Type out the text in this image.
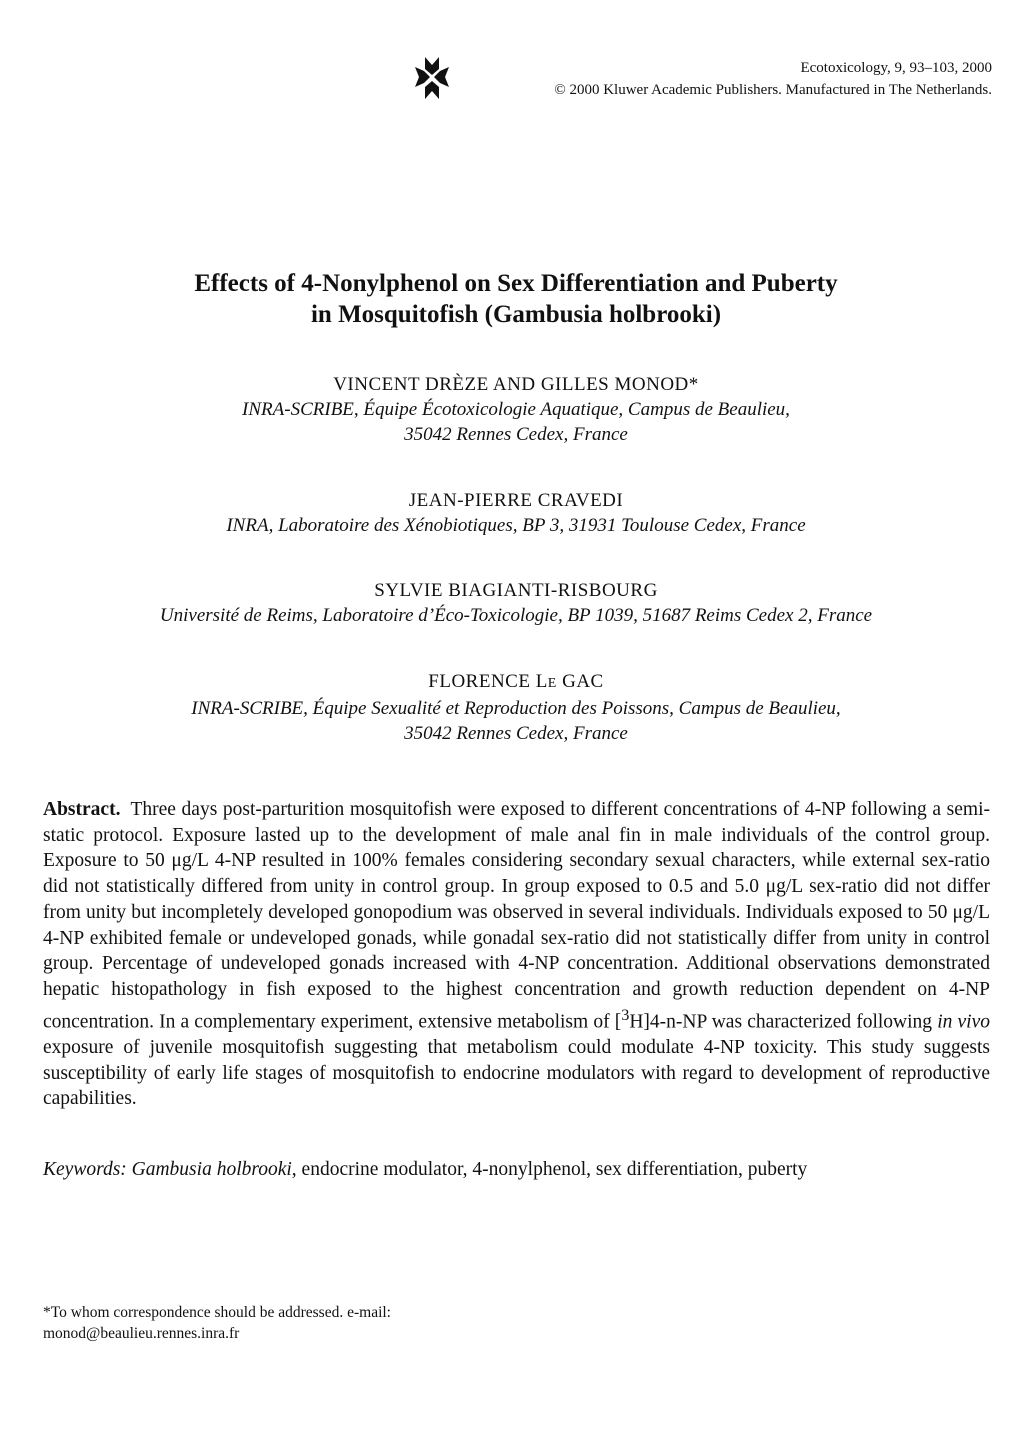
Ecotoxicology, 9, 93–103, 2000
© 2000 Kluwer Academic Publishers. Manufactured in The Netherlands.
Effects of 4-Nonylphenol on Sex Differentiation and Puberty
in Mosquitofish (Gambusia holbrooki)
VINCENT DRÈZE AND GILLES MONOD*
INRA-SCRIBE, Équipe Écotoxicologie Aquatique, Campus de Beaulieu,
35042 Rennes Cedex, France
JEAN-PIERRE CRAVEDI
INRA, Laboratoire des Xénobiotiques, BP 3, 31931 Toulouse Cedex, France
SYLVIE BIAGIANTI-RISBOURG
Université de Reims, Laboratoire d’Éco-Toxicologie, BP 1039, 51687 Reims Cedex 2, France
FLORENCE LE GAC
INRA-SCRIBE, Équipe Sexualité et Reproduction des Poissons, Campus de Beaulieu,
35042 Rennes Cedex, France

Abstract. Three days post-parturition mosquitofish were exposed to different concentrations of 4-NP following a semi-static protocol. Exposure lasted up to the development of male anal fin in male individuals of the control group. Exposure to 50 μg/L 4-NP resulted in 100% females considering secondary sexual characters, while external sex-ratio did not statistically differed from unity in control group. In group exposed to 0.5 and 5.0 μg/L sex-ratio did not differ from unity but incompletely developed gonopodium was observed in several individuals. Individuals exposed to 50 μg/L 4-NP exhibited female or undeveloped gonads, while gonadal sex-ratio did not statistically differ from unity in control group. Percentage of undeveloped gonads increased with 4-NP concentration. Additional observations demonstrated hepatic histopathology in fish exposed to the highest concentration and growth reduction dependent on 4-NP concentration. In a complementary experiment, extensive metabolism of [$^3$H]4-n-NP was characterized following in vivo exposure of juvenile mosquitofish suggesting that metabolism could modulate 4-NP toxicity. This study suggests susceptibility of early life stages of mosquitofish to endocrine modulators with regard to development of reproductive capabilities.

Keywords: Gambusia holbrooki, endocrine modulator, 4-nonylphenol, sex differentiation, puberty

*To whom correspondence should be addressed. e-mail:
monod@beaulieu.rennes.inra.fr
